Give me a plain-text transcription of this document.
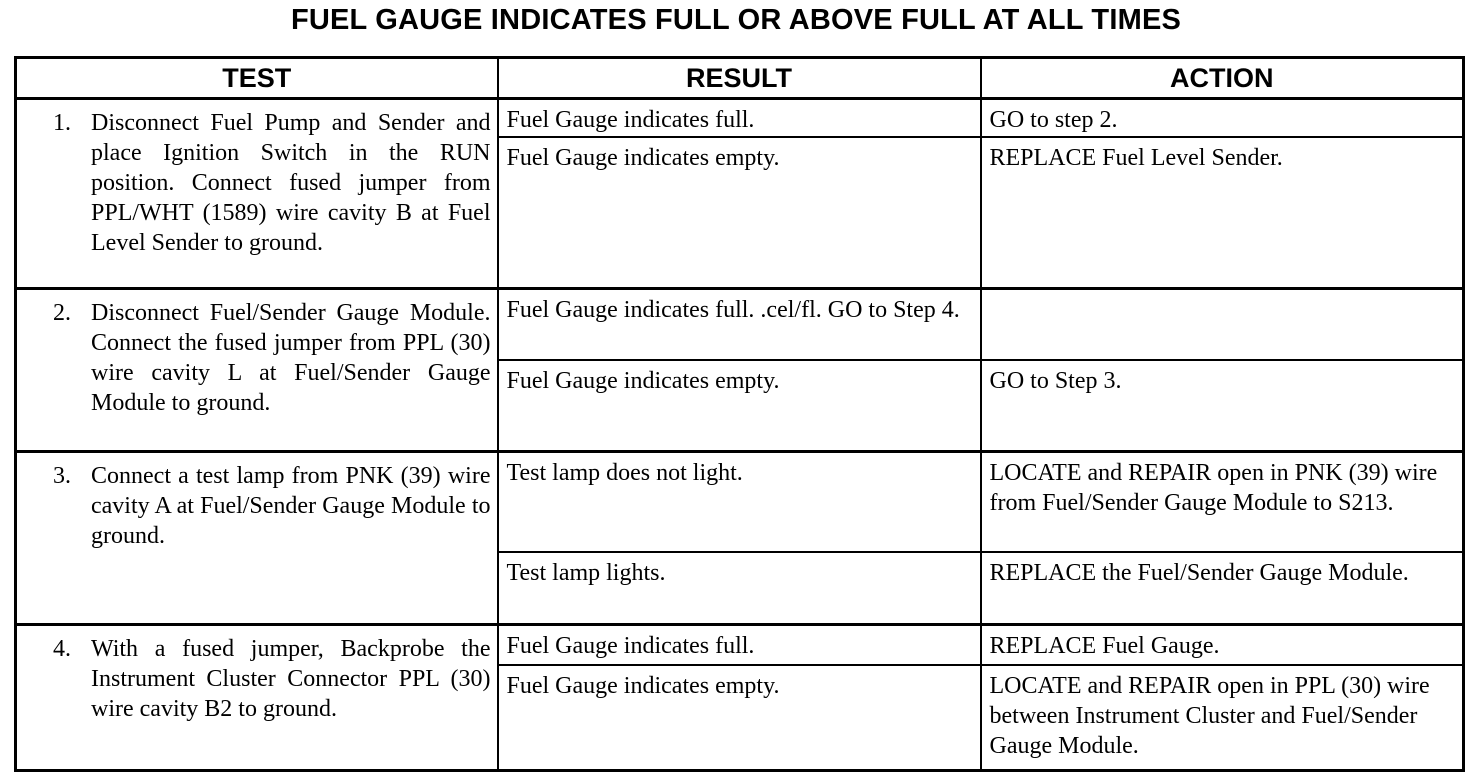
FUEL GAUGE INDICATES FULL OR ABOVE FULL AT ALL TIMES
TEST	RESULT	ACTION

1. Disconnect Fuel Pump and Sender and place Ignition Switch in the RUN position. Connect fused jumper from PPL/WHT (1589) wire cavity B at Fuel Level Sender to ground.	Fuel Gauge indicates full.	GO to step 2.
	Fuel Gauge indicates empty.	REPLACE Fuel Level Sender.

2. Disconnect Fuel/Sender Gauge Module. Connect the fused jumper from PPL (30) wire cavity L at Fuel/Sender Gauge Module to ground.	Fuel Gauge indicates full. .cel/fl. GO to Step 4.	
	Fuel Gauge indicates empty.	GO to Step 3.

3. Connect a test lamp from PNK (39) wire cavity A at Fuel/Sender Gauge Module to ground.	Test lamp does not light.	LOCATE and REPAIR open in PNK (39) wire from Fuel/Sender Gauge Module to S213.
	Test lamp lights.	REPLACE the Fuel/Sender Gauge Module.

4. With a fused jumper, Backprobe the Instrument Cluster Connector PPL (30) wire cavity B2 to ground.	Fuel Gauge indicates full.	REPLACE Fuel Gauge.
	Fuel Gauge indicates empty.	LOCATE and REPAIR open in PPL (30) wire between Instrument Cluster and Fuel/Sender Gauge Module.
